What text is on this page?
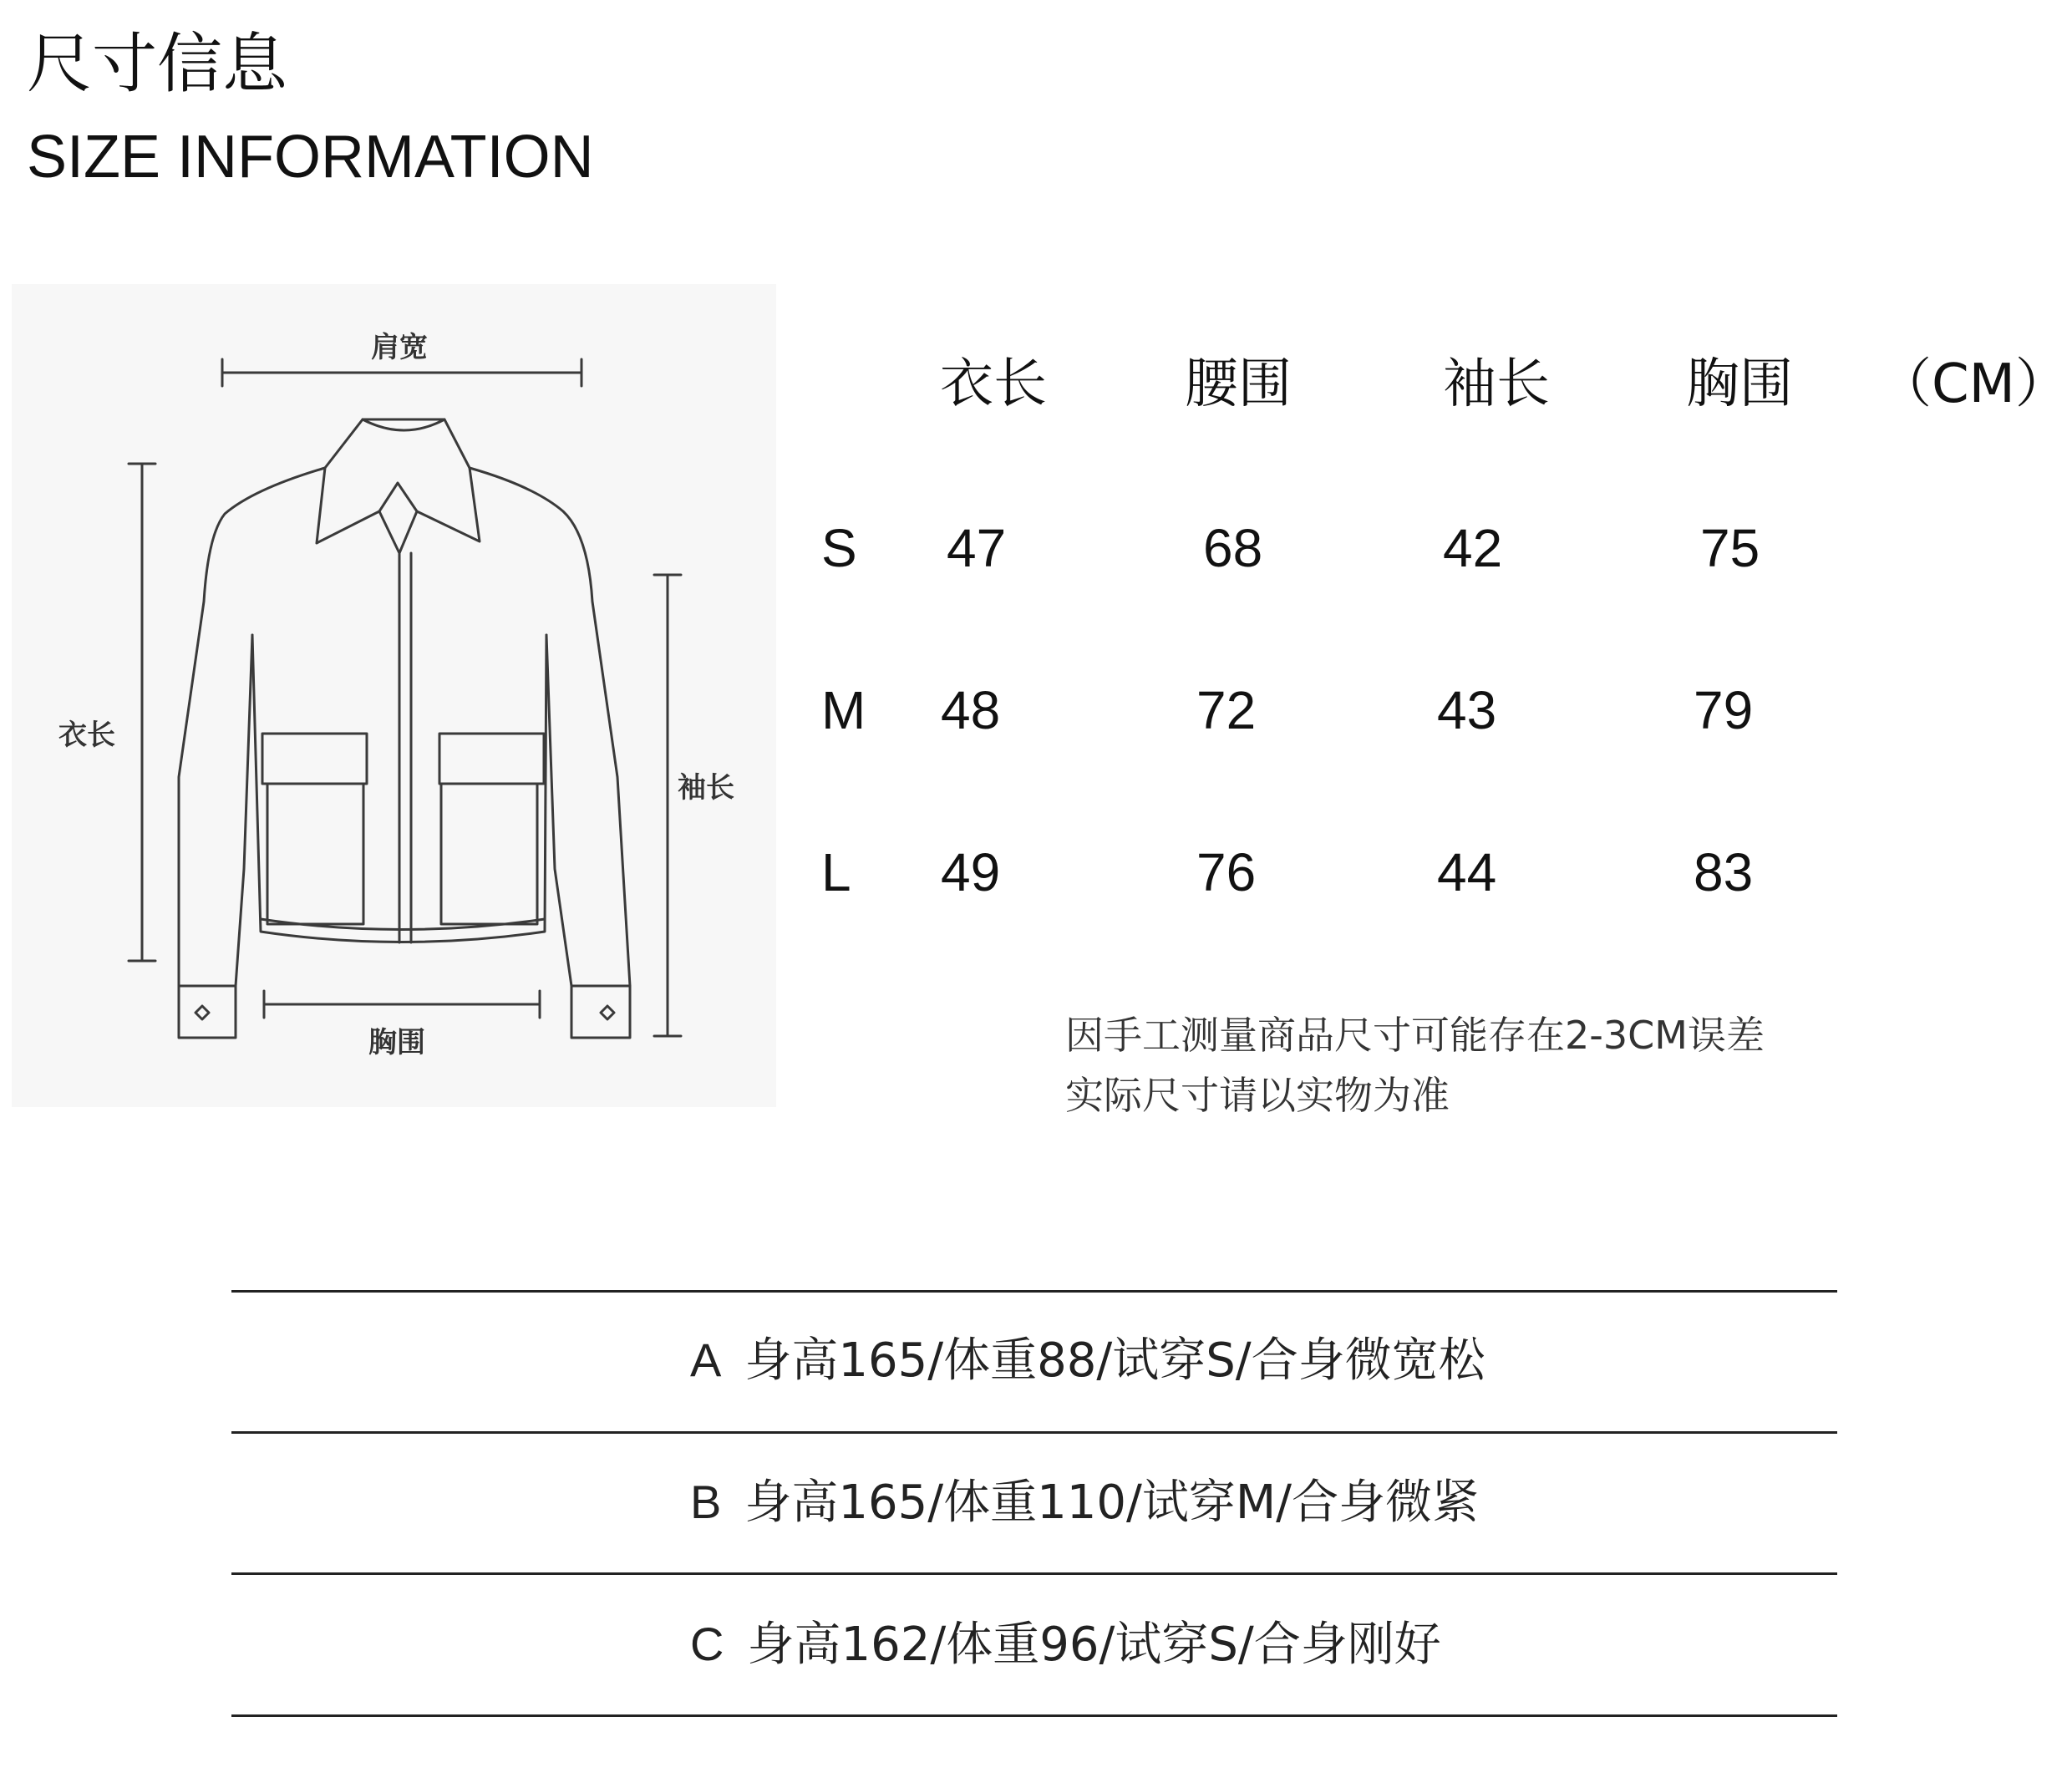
尺寸信息
SIZE INFORMATION
肩宽
衣长
袖长
胸围
衣长	腰围	袖长	胸围 （CM）
S 47	68	42	75
M 48	72	43	79
L 49	76	44	83
因手工测量商品尺寸可能存在2-3CM误差
实际尺寸请以实物为准
A 身高165/体重88/试穿S/合身微宽松
B 身高165/体重110/试穿M/合身微紧
C 身高162/体重96/试穿S/合身刚好
